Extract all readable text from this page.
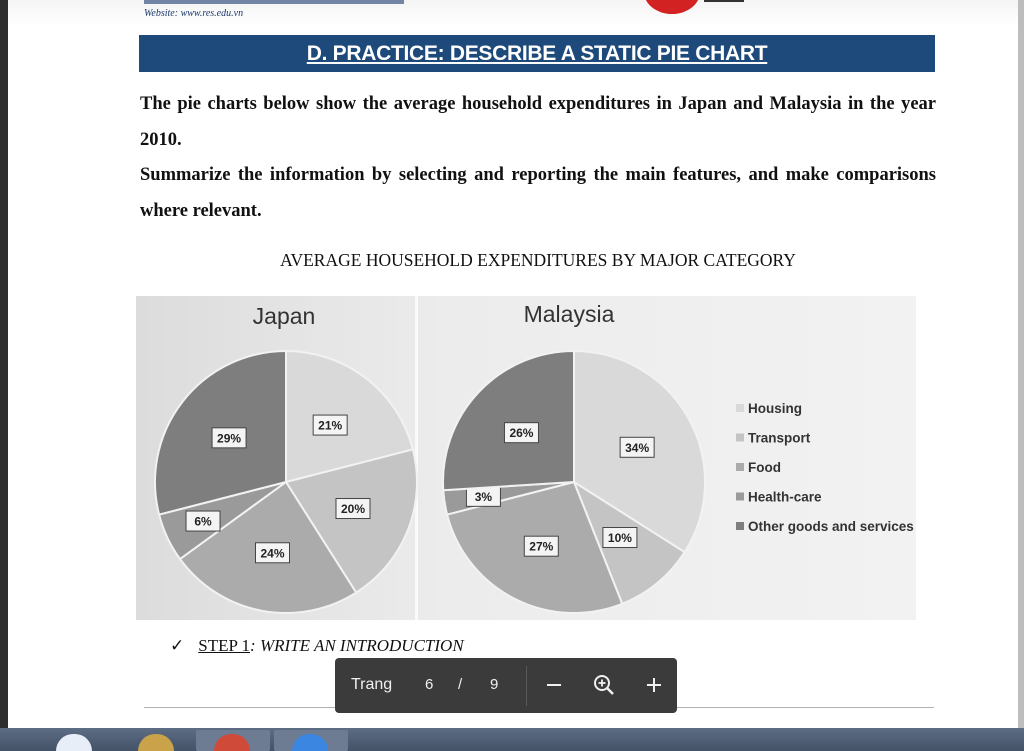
Website: www.res.edu.vn
D. PRACTICE: DESCRIBE A STATIC PIE CHART
The pie charts below show the average household expenditures in Japan and Malaysia in the year 2010.
Summarize the information by selecting and reporting the main features, and make comparisons where relevant.
AVERAGE HOUSEHOLD EXPENDITURES BY MAJOR CATEGORY
✓ STEP 1: WRITE AN INTRODUCTION
Japan	Malaysia
21%
20%
24%
6%
29%
34%
10%
27%
3%
26%
Housing
Transport
Food
Health-care
Other goods and services
Trang 6 / 9
